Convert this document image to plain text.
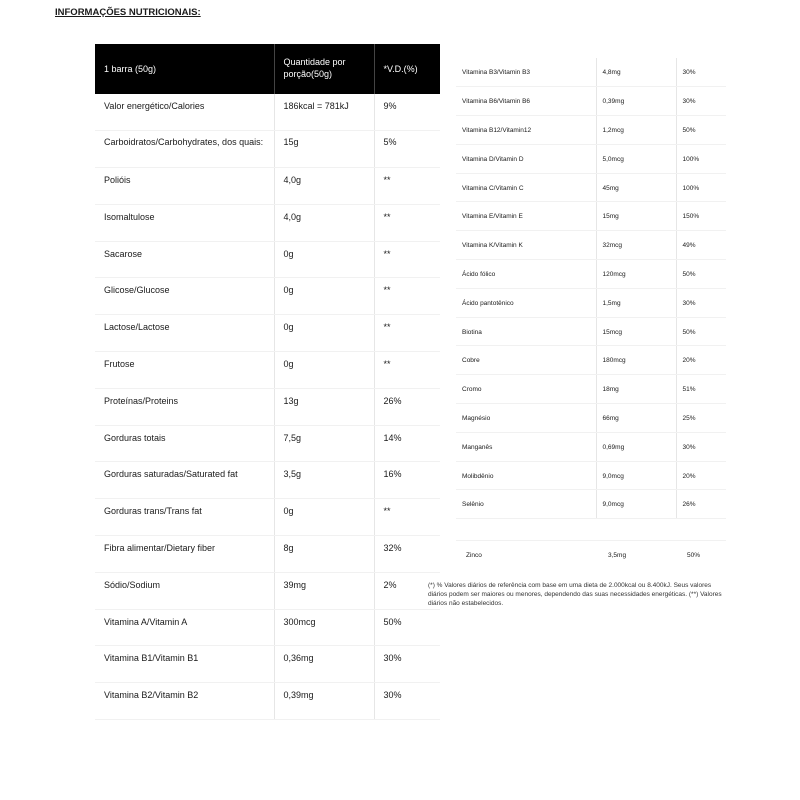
INFORMAÇÕES NUTRICIONAIS:
1 barra (50g)	Quantidade por porção(50g)	*V.D.(%)
Valor energético/Calories	186kcal = 781kJ	9%
Carboidratos/Carbohydrates, dos quais:	15g	5%
Polióis	4,0g	**
Isomaltulose	4,0g	**
Sacarose	0g	**
Glicose/Glucose	0g	**
Lactose/Lactose	0g	**
Frutose	0g	**
Proteínas/Proteins	13g	26%
Gorduras totais	7,5g	14%
Gorduras saturadas/Saturated fat	3,5g	16%
Gorduras trans/Trans fat	0g	**
Fibra alimentar/Dietary fiber	8g	32%
Sódio/Sodium	39mg	2%
Vitamina A/Vitamin A	300mcg	50%
Vitamina B1/Vitamin B1	0,36mg	30%
Vitamina B2/Vitamin B2	0,39mg	30%
Vitamina B3/Vitamin B3	4,8mg	30%
Vitamina B6/Vitamin B6	0,39mg	30%
Vitamina B12/Vitamin12	1,2mcg	50%
Vitamina D/Vitamin D	5,0mcg	100%
Vitamina C/Vitamin C	45mg	100%
Vitamina E/Vitamin E	15mg	150%
Vitamina K/Vitamin K	32mcg	49%
Ácido fólico	120mcg	50%
Ácido pantotênico	1,5mg	30%
Biotina	15mcg	50%
Cobre	180mcg	20%
Cromo	18mg	51%
Magnésio	66mg	25%
Manganês	0,69mg	30%
Molibdênio	9,0mcg	20%
Selênio	9,0mcg	26%
Zinco	3,5mg	50%
(*) % Valores diários de referência com base em uma dieta de 2.000kcal ou 8.400kJ. Seus valores diários podem ser maiores ou menores, dependendo das suas necessidades energéticas. (**) Valores diários não estabelecidos.
